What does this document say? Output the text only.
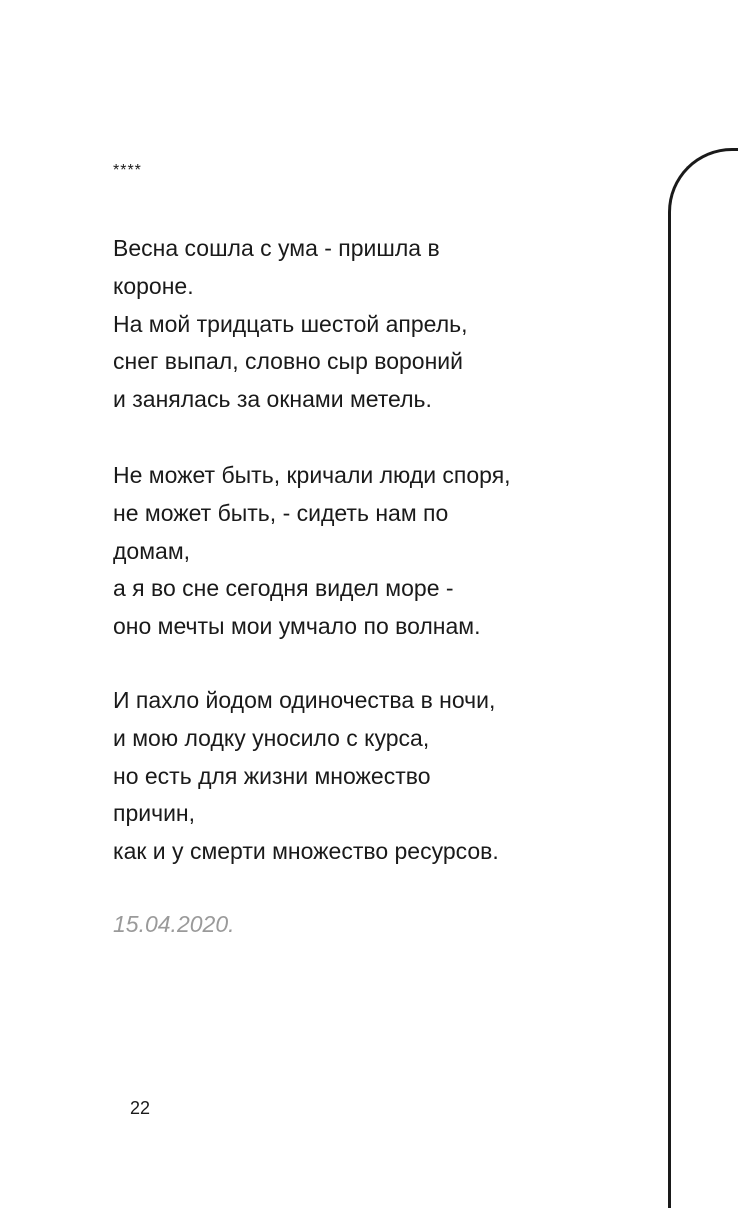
****
Весна сошла с ума - пришла в
короне.
На мой тридцать шестой апрель,
снег выпал, словно сыр вороний
и занялась за окнами метель.
Не может быть, кричали люди споря,
не может быть, - сидеть нам по
домам,
а я во сне сегодня видел море -
оно мечты мои умчало по волнам.
И пахло йодом одиночества в ночи,
и мою лодку уносило с курса,
но есть для жизни множество
причин,
как и у смерти множество ресурсов.
15.04.2020.
22
